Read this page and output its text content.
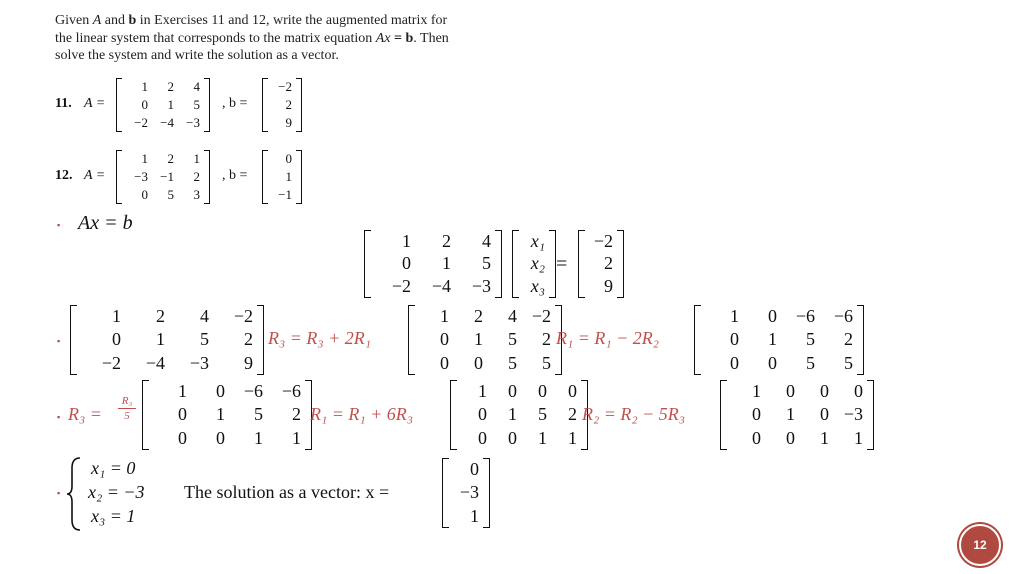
Given A and b in Exercises 11 and 12, write the augmented matrix for the linear system that corresponds to the matrix equation Ax = b. Then solve the system and write the solution as a vector.
11. A =
1	2	4
0	1	5
−2 −4 −3
, b =
−2
2
9
12. A =
1	2	1
−3 −1	2
0	5	3
, b =
0
1
−1
▪ Ax = b
1	2	4
0	1	5
−2	−4	−3
x₁
x₂
x₃
=
−2
2
9
▪
1	2	4	−2
0	1	5	2
−2	−4	−3	9
R₃ = R₃ + 2R₁
1	2	4 −2
0	1	5	2
0	0	5	5
R₁ = R₁ − 2R₂
1	0	−6	−6
0	1	5	2
0	0	5	5
▪ $R_3 = \frac{\text{R₃}}{5}$
1	0	−6	−6
0	1	5	2
0	0	1	1
R₁ = R₁ + 6R₃
1	0	0	0
0	1	5	2
0	0	1	1
R₂ = R₂ − 5R₃
1	0	0	0
0	1	0 −3
0	0	1	1
▪
x₁ = 0
x₂ = −3
x₃ = 1
The solution as a vector: x =
0
−3
1
12
